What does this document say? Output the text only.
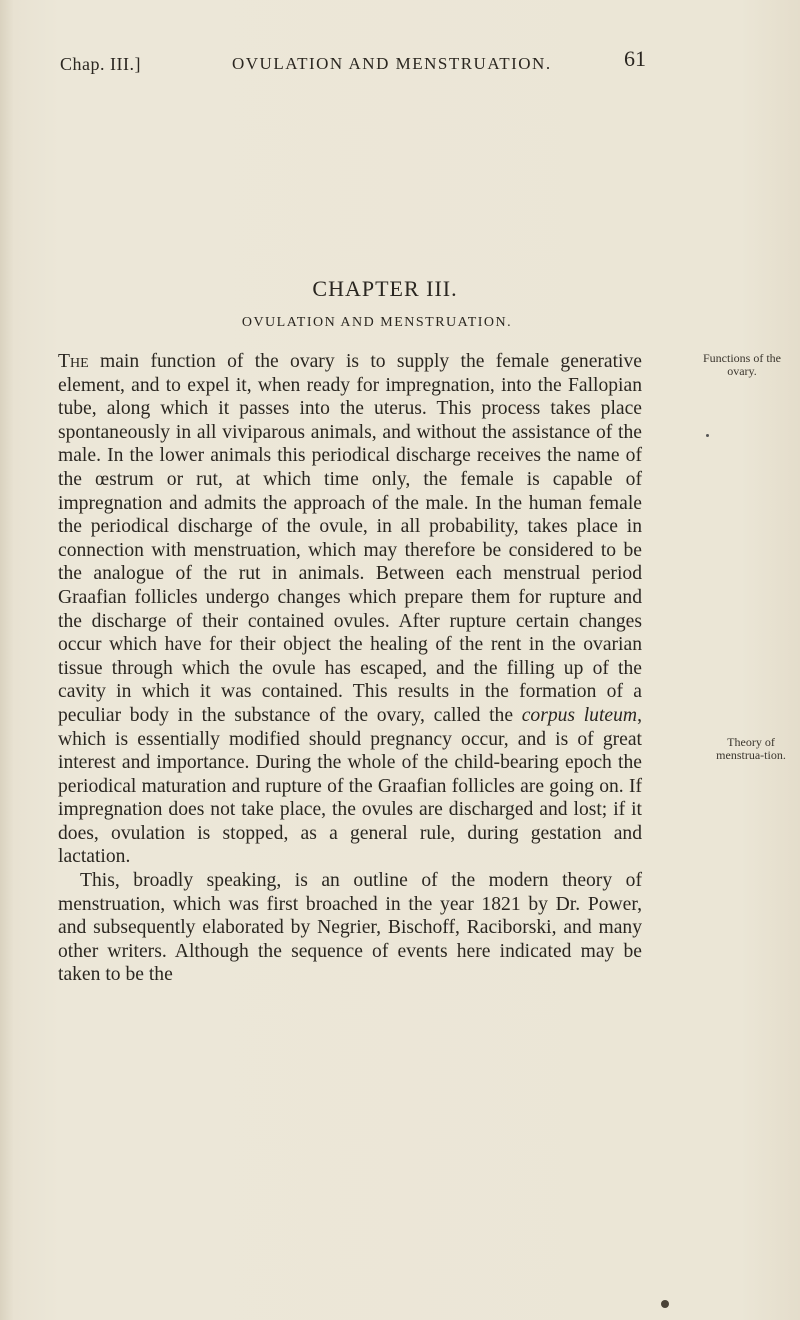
Chap. III.]	OVULATION AND MENSTRUATION.	61
CHAPTER III.
OVULATION AND MENSTRUATION.
Functions of the ovary.
Theory of menstrua-tion.

The main function of the ovary is to supply the female generative element, and to expel it, when ready for impregnation, into the Fallopian tube, along which it passes into the uterus. This process takes place spontaneously in all viviparous animals, and without the assistance of the male. In the lower animals this periodical discharge receives the name of the œstrum or rut, at which time only, the female is capable of impregnation and admits the approach of the male. In the human female the periodical discharge of the ovule, in all probability, takes place in connection with menstruation, which may therefore be considered to be the analogue of the rut in animals. Between each menstrual period Graafian follicles undergo changes which prepare them for rupture and the discharge of their contained ovules. After rupture certain changes occur which have for their object the healing of the rent in the ovarian tissue through which the ovule has escaped, and the filling up of the cavity in which it was contained. This results in the formation of a peculiar body in the substance of the ovary, called the corpus luteum, which is essentially modified should pregnancy occur, and is of great interest and importance. During the whole of the child-bearing epoch the periodical maturation and rupture of the Graafian follicles are going on. If impregnation does not take place, the ovules are discharged and lost; if it does, ovulation is stopped, as a general rule, during gestation and lactation.

This, broadly speaking, is an outline of the modern theory of menstruation, which was first broached in the year 1821 by Dr. Power, and subsequently elaborated by Negrier, Bischoff, Raciborski, and many other writers. Although the sequence of events here indicated may be taken to be the
